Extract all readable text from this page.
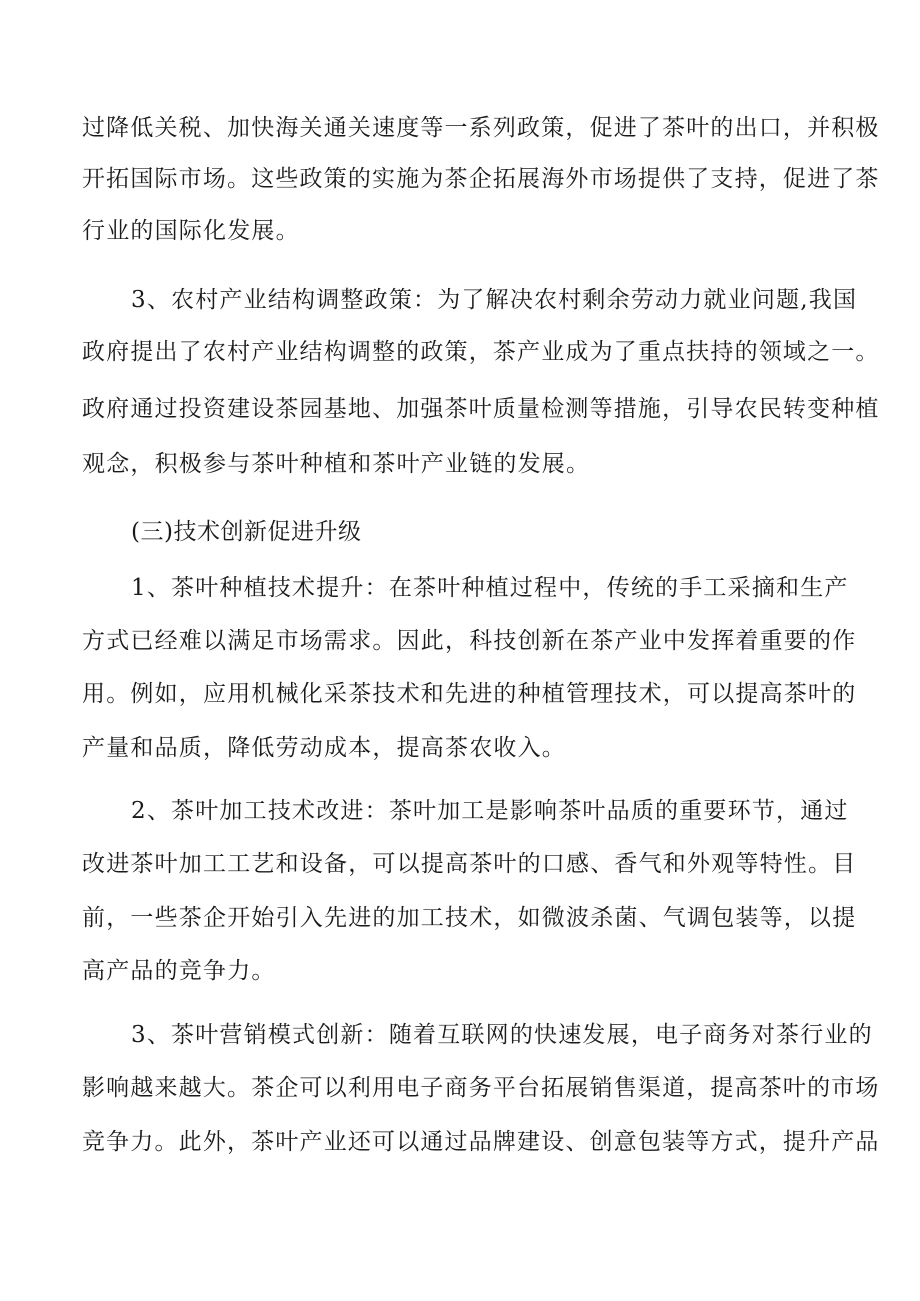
过降低关税、加快海关通关速度等一系列政策，促进了茶叶的出口，并积极
开拓国际市场。这些政策的实施为茶企拓展海外市场提供了支持，促进了茶
行业的国际化发展。
3、农村产业结构调整政策：为了解决农村剩余劳动力就业问题,我国
政府提出了农村产业结构调整的政策，茶产业成为了重点扶持的领域之一。
政府通过投资建设茶园基地、加强茶叶质量检测等措施，引导农民转变种植
观念，积极参与茶叶种植和茶叶产业链的发展。
(三)技术创新促进升级
1、茶叶种植技术提升：在茶叶种植过程中，传统的手工采摘和生产
方式已经难以满足市场需求。因此，科技创新在茶产业中发挥着重要的作
用。例如，应用机械化采茶技术和先进的种植管理技术，可以提高茶叶的
产量和品质，降低劳动成本，提高茶农收入。
2、茶叶加工技术改进：茶叶加工是影响茶叶品质的重要环节，通过
改进茶叶加工工艺和设备，可以提高茶叶的口感、香气和外观等特性。目
前，一些茶企开始引入先进的加工技术，如微波杀菌、气调包装等，以提
高产品的竞争力。
3、茶叶营销模式创新：随着互联网的快速发展，电子商务对茶行业的
影响越来越大。茶企可以利用电子商务平台拓展销售渠道，提高茶叶的市场
竞争力。此外，茶叶产业还可以通过品牌建设、创意包装等方式，提升产品
